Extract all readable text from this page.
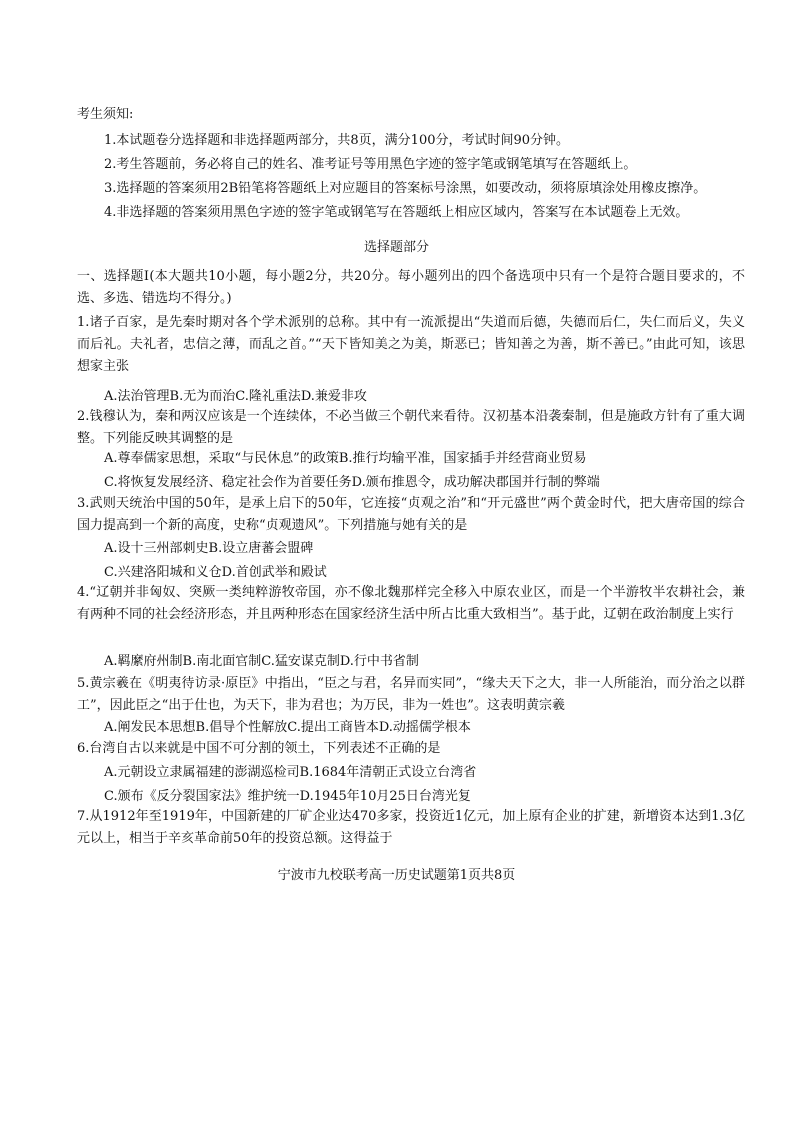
考生须知:
1.本试题卷分选择题和非选择题两部分，共8页，满分100分，考试时间90分钟。
2.考生答题前，务必将自己的姓名、准考证号等用黑色字迹的签字笔或钢笔填写在答题纸上。
3.选择题的答案须用2B铅笔将答题纸上对应题目的答案标号涂黑，如要改动，须将原填涂处用橡皮擦净。
4.非选择题的答案须用黑色字迹的签字笔或钢笔写在答题纸上相应区域内，答案写在本试题卷上无效。
选择题部分
一、选择题Ⅰ(本大题共10小题，每小题2分，共20分。每小题列出的四个备选项中只有一个是符合题目要求的，不选、多选、错选均不得分。)
1.诸子百家，是先秦时期对各个学术派别的总称。其中有一流派提出“失道而后德，失德而后仁，失仁而后义，失义而后礼。夫礼者，忠信之薄，而乱之首。”“天下皆知美之为美，斯恶已；皆知善之为善，斯不善已。”由此可知，该思想家主张
A.法治管理B.无为而治C.隆礼重法D.兼爱非攻
2.钱穆认为，秦和两汉应该是一个连续体，不必当做三个朝代来看待。汉初基本沿袭秦制，但是施政方针有了重大调整。下列能反映其调整的是
A.尊奉儒家思想，采取“与民休息”的政策B.推行均输平准，国家插手并经营商业贸易
C.将恢复发展经济、稳定社会作为首要任务D.颁布推恩令，成功解决郡国并行制的弊端
3.武则天统治中国的50年，是承上启下的50年，它连接“贞观之治”和“开元盛世”两个黄金时代，把大唐帝国的综合国力提高到一个新的高度，史称“贞观遗风”。下列措施与她有关的是
A.设十三州部刺史B.设立唐蕃会盟碑
C.兴建洛阳城和义仓D.首创武举和殿试
4.“辽朝并非匈奴、突厥一类纯粹游牧帝国，亦不像北魏那样完全移入中原农业区，而是一个半游牧半农耕社会，兼有两种不同的社会经济形态，并且两种形态在国家经济生活中所占比重大致相当”。基于此，辽朝在政治制度上实行
A.羁縻府州制B.南北面官制C.猛安谋克制D.行中书省制
5.黄宗羲在《明夷待访录·原臣》中指出，“臣之与君，名异而实同”，“缘夫天下之大，非一人所能治，而分治之以群工”，因此臣之“出于仕也，为天下，非为君也；为万民，非为一姓也”。这表明黄宗羲
A.阐发民本思想B.倡导个性解放C.提出工商皆本D.动摇儒学根本
6.台湾自古以来就是中国不可分割的领土，下列表述不正确的是
A.元朝设立隶属福建的澎湖巡检司B.1684年清朝正式设立台湾省
C.颁布《反分裂国家法》维护统一D.1945年10月25日台湾光复
7.从1912年至1919年，中国新建的厂矿企业达470多家，投资近1亿元，加上原有企业的扩建，新增资本达到1.3亿元以上，相当于辛亥革命前50年的投资总额。这得益于
宁波市九校联考高一历史试题第1页共8页
